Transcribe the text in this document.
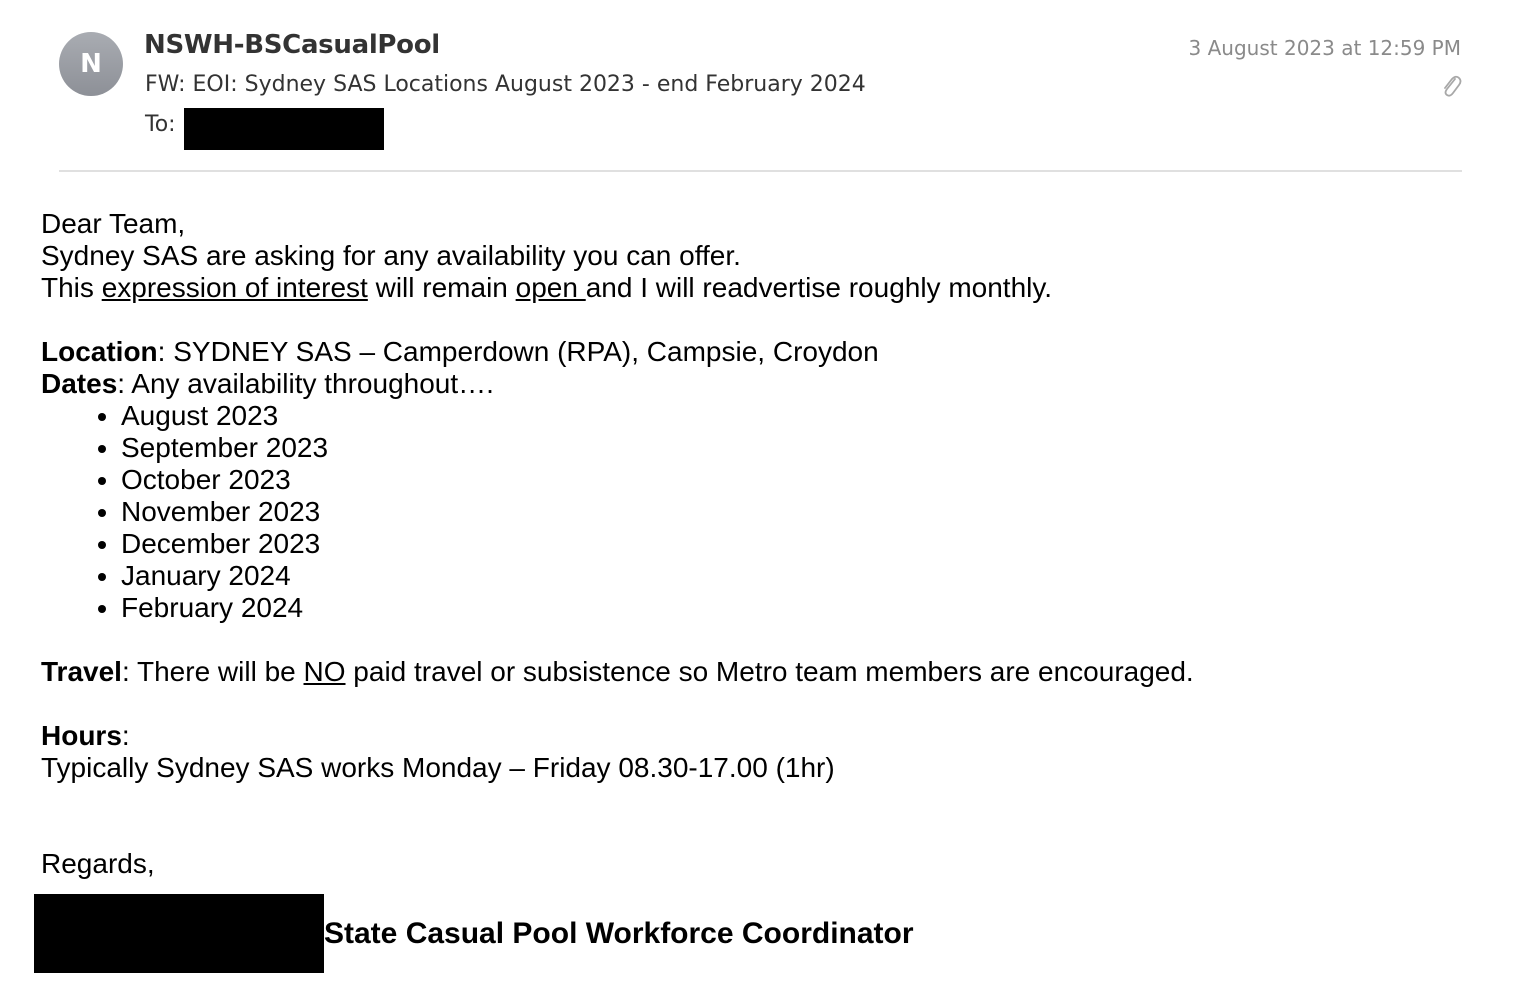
N
NSWH-BSCasualPool	3 August 2023 at 12:59 PM
FW: EOI: Sydney SAS Locations August 2023 - end February 2024
To:

Dear Team,

Sydney SAS are asking for any availability you can offer.

This expression of interest will remain open and I will readvertise roughly monthly.

Location: SYDNEY SAS – Camperdown (RPA), Campsie, Croydon

Dates: Any availability throughout….

• August 2023
• September 2023
• October 2023
• November 2023
• December 2023
• January 2024
• February 2024

Travel: There will be NO paid travel or subsistence so Metro team members are encouraged.

Hours:

Typically Sydney SAS works Monday – Friday 08.30-17.00 (1hr)

Regards,

State Casual Pool Workforce Coordinator
